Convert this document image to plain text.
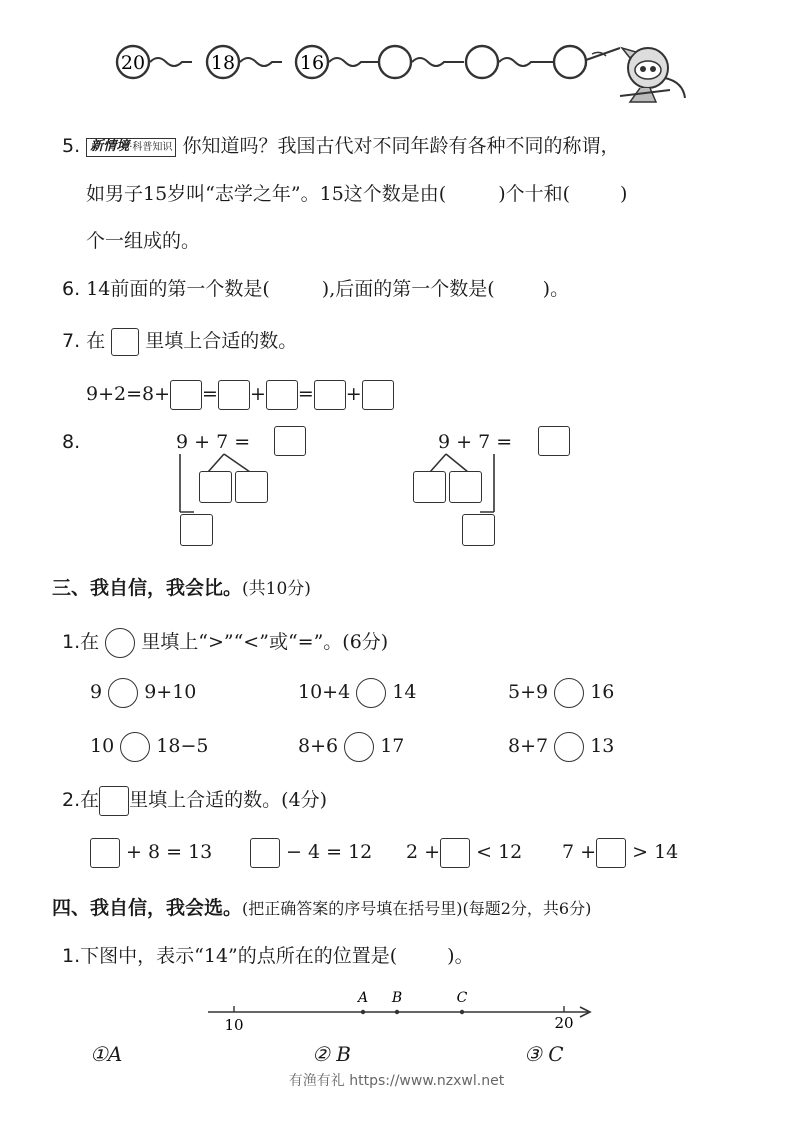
20	18	16
5. 新情境·科普知识 你知道吗？我国古代对不同年龄有各种不同的称谓，
如男子15岁叫“志学之年”。15这个数是由(	)个十和(	)
个一组成的。
6. 14前面的第一个数是(	),后面的第一个数是(	)。
7. 在 里填上合适的数。
9+2=8+ = + = +
8.	9 + 7 =	9 + 7 =
三、我自信，我会比。(共10分)
1.在 里填上“>”“<”或“=”。(6分)
9 9+10	10+4 14	5+9 16
10 18−5	8+6 17	8+7 13
2.在 里填上合适的数。(4分)
+ 8 = 13	− 4 = 12 2 + < 12 7 + > 14
四、我自信，我会选。(把正确答案的序号填在括号里)(每题2分，共6分)
1.下图中，表示“14”的点所在的位置是(	)。
10	20
A B	C
①A	② B	③ C
有渔有礼 https://www.nzxwl.net
